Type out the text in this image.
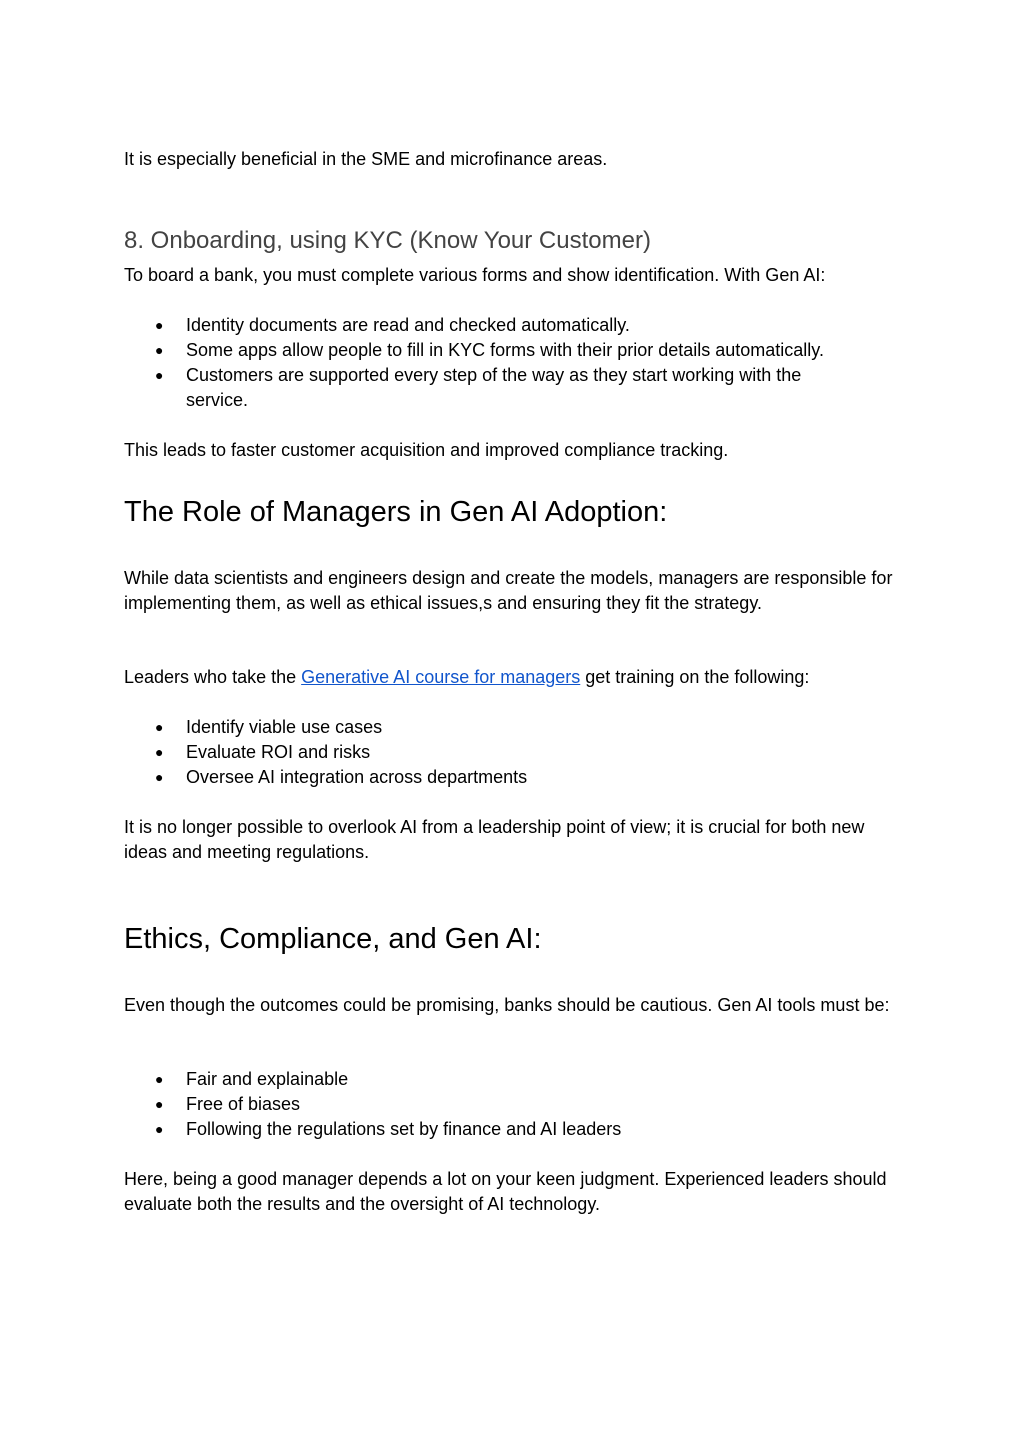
It is especially beneficial in the SME and microfinance areas.

8. Onboarding, using KYC (Know Your Customer)

To board a bank, you must complete various forms and show identification. With Gen AI:

● Identity documents are read and checked automatically.
● Some apps allow people to fill in KYC forms with their prior details automatically.
● Customers are supported every step of the way as they start working with the service.

This leads to faster customer acquisition and improved compliance tracking.

The Role of Managers in Gen AI Adoption:

While data scientists and engineers design and create the models, managers are responsible for implementing them, as well as ethical issues,s and ensuring they fit the strategy.

Leaders who take the Generative AI course for managers get training on the following:

● Identify viable use cases
● Evaluate ROI and risks
● Oversee AI integration across departments

It is no longer possible to overlook AI from a leadership point of view; it is crucial for both new ideas and meeting regulations.

Ethics, Compliance, and Gen AI:

Even though the outcomes could be promising, banks should be cautious. Gen AI tools must be:

● Fair and explainable
● Free of biases
● Following the regulations set by finance and AI leaders

Here, being a good manager depends a lot on your keen judgment. Experienced leaders should evaluate both the results and the oversight of AI technology.
